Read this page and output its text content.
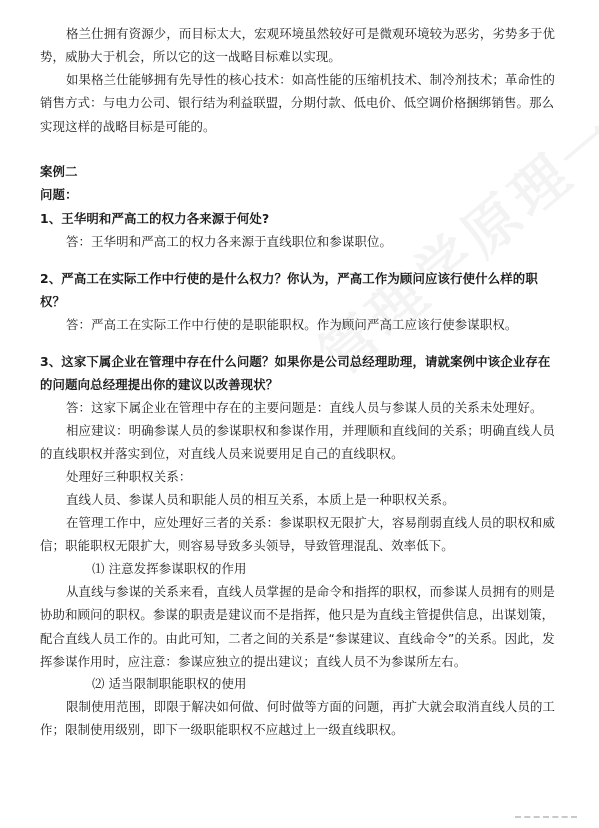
格兰仕拥有资源少，而目标太大，宏观环境虽然较好可是微观环境较为恶劣，劣势多于优势，威胁大于机会，所以它的这一战略目标难以实现。

如果格兰仕能够拥有先导性的核心技术：如高性能的压缩机技术、制冷剂技术；革命性的销售方式：与电力公司、银行结为利益联盟，分期付款、低电价、低空调价格捆绑销售。那么实现这样的战略目标是可能的。

案例二

问题：

1、王华明和严高工的权力各来源于何处?

答：王华明和严高工的权力各来源于直线职位和参谋职位。

2、严高工在实际工作中行使的是什么权力？你认为，严高工作为顾问应该行使什么样的职权？

答：严高工在实际工作中行使的是职能职权。作为顾问严高工应该行使参谋职权。

3、这家下属企业在管理中存在什么问题？如果你是公司总经理助理，请就案例中该企业存在的问题向总经理提出你的建议以改善现状？

答：这家下属企业在管理中存在的主要问题是：直线人员与参谋人员的关系未处理好。

相应建议：明确参谋人员的参谋职权和参谋作用，并理顺和直线间的关系；明确直线人员的直线职权并落实到位，对直线人员来说要用足自己的直线职权。

处理好三种职权关系：

直线人员、参谋人员和职能人员的相互关系，本质上是一种职权关系。

在管理工作中，应处理好三者的关系：参谋职权无限扩大，容易削弱直线人员的职权和威信；职能职权无限扩大，则容易导致多头领导，导致管理混乱、效率低下。

⑴ 注意发挥参谋职权的作用

从直线与参谋的关系来看，直线人员掌握的是命令和指挥的职权，而参谋人员拥有的则是协助和顾问的职权。参谋的职责是建议而不是指挥，他只是为直线主管提供信息，出谋划策，配合直线人员工作的。由此可知，二者之间的关系是“参谋建议、直线命令”的关系。因此，发挥参谋作用时，应注意：参谋应独立的提出建议；直线人员不为参谋所左右。

⑵ 适当限制职能职权的使用

限制使用范围，即限于解决如何做、何时做等方面的问题，再扩大就会取消直线人员的工作；限制使用级别，即下一级职能职权不应越过上一级直线职权。
